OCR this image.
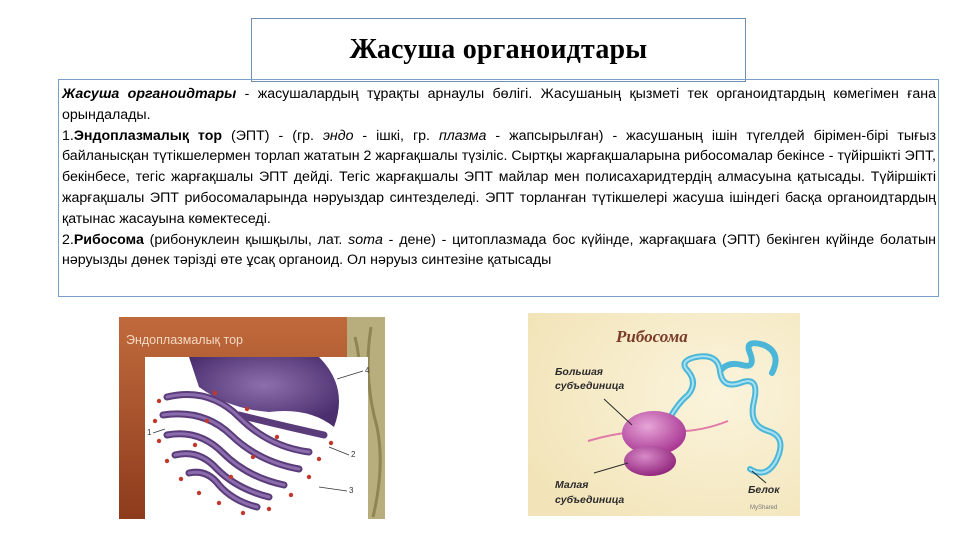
Жасуша органоидтары

Жасуша органоидтары - жасушалардың тұрақты арнаулы бөлігі. Жасушаның қызметі тек органоидтардың көмегімен ғана орындалады.

1.Эндоплазмалық тор (ЭПТ) - (гр. эндо - ішкі, гр. плазма - жапсырылған) - жасушаның ішін түгелдей бірімен-бірі тығыз байланысқан түтікшелермен торлап жататын 2 жарғақшалы түзіліс. Сыртқы жарғақшаларына рибосомалар бекінсе - түйіршікті ЭПТ, бекінбесе, тегіс жарғақшалы ЭПТ дейді. Тегіс жарғақшалы ЭПТ майлар мен полисахаридтердің алмасуына қатысады. Түйіршікті жарғақшалы ЭПТ рибосомаларында нәруыздар синтезделеді. ЭПТ торланған түтікшелері жасуша ішіндегі басқа органоидтардың қатынас жасауына көмектеседі.

2.Рибосома (рибонуклеин қышқылы, лат. soma - дене) - цитоплазмада бос күйінде, жарғақшаға (ЭПТ) бекінген күйінде болатын нәруызды дөнек тәрізді өте ұсақ органоид. Ол нәруыз синтезіне қатысады

Эндоплазмалық тор
1
2
3
4
Рибосома
Большая
субъединица
Малая
субъединица
Белок
MyShared
